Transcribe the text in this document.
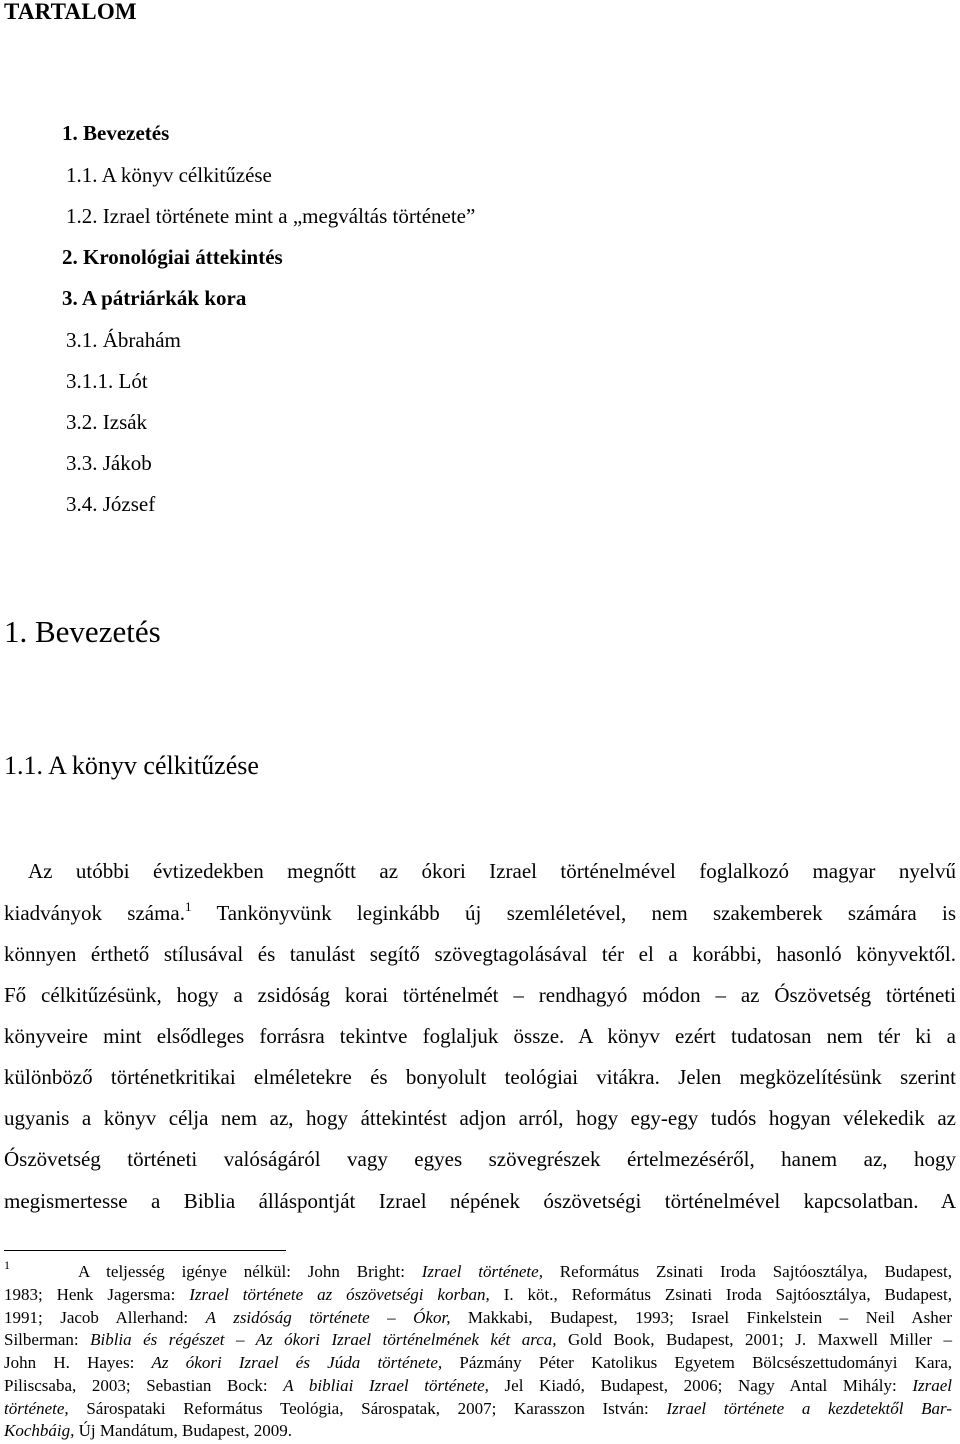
TARTALOM
1. Bevezetés
1.1. A könyv célkitűzése
1.2. Izrael története mint a „megváltás története”
2. Kronológiai áttekintés
3. A pátriárkák kora
3.1. Ábrahám
3.1.1. Lót
3.2. Izsák
3.3. Jákob
3.4. József
1. Bevezetés
1.1. A könyv célkitűzése
Az utóbbi évtizedekben megnőtt az ókori Izrael történelmével foglalkozó magyar nyelvű
kiadványok száma.$^1$ Tankönyvünk leginkább új szemléletével, nem szakemberek számára is
könnyen érthető stílusával és tanulást segítő szövegtagolásával tér el a korábbi, hasonló könyvektől.
Fő célkitűzésünk, hogy a zsidóság korai történelmét – rendhagyó módon – az Ószövetség történeti
könyveire mint elsődleges forrásra tekintve foglaljuk össze. A könyv ezért tudatosan nem tér ki a
különböző történetkritikai elméletekre és bonyolult teológiai vitákra. Jelen megközelítésünk szerint
ugyanis a könyv célja nem az, hogy áttekintést adjon arról, hogy egy-egy tudós hogyan vélekedik az
Ószövetség történeti valóságáról vagy egyes szövegrészek értelmezéséről, hanem az, hogy
megismertesse a Biblia álláspontját Izrael népének ószövetségi történelmével kapcsolatban. A
1	A teljesség igénye nélkül: John Bright: Izrael története, Református Zsinati Iroda Sajtóosztálya, Budapest,
1983; Henk Jagersma: Izrael története az ószövetségi korban, I. köt., Református Zsinati Iroda Sajtóosztálya, Budapest,
1991; Jacob Allerhand: A zsidóság története – Ókor, Makkabi, Budapest, 1993; Israel Finkelstein – Neil Asher
Silberman: Biblia és régészet – Az ókori Izrael történelmének két arca, Gold Book, Budapest, 2001; J. Maxwell Miller –
John H. Hayes: Az ókori Izrael és Júda története, Pázmány Péter Katolikus Egyetem Bölcsészettudományi Kara,
Piliscsaba, 2003; Sebastian Bock: A bibliai Izrael története, Jel Kiadó, Budapest, 2006; Nagy Antal Mihály: Izrael
története, Sárospataki Református Teológia, Sárospatak, 2007; Karasszon István: Izrael története a kezdetektől Bar-
Kochbáig, Új Mandátum, Budapest, 2009.
